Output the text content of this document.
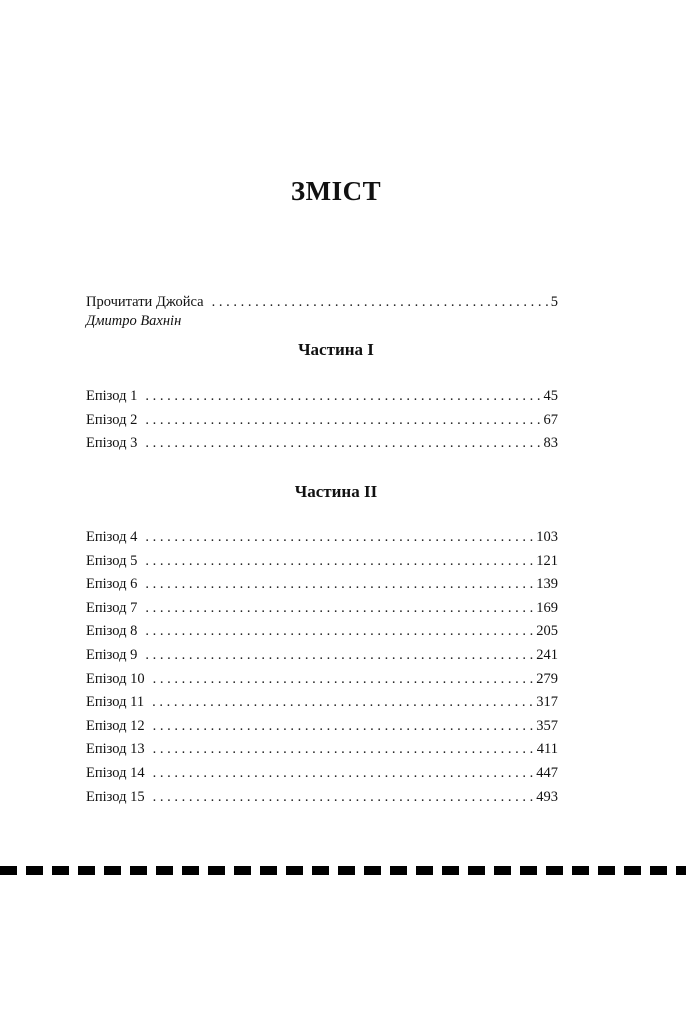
ЗМІСТ
Прочитати Джойса . . .	5
Дмитро Вахнін
Частина I
Епізод 1 . . .	45
Епізод 2 . . .	67
Епізод 3 . . .	83
Частина II
Епізод 4 . . .	103
Епізод 5 . . .	121
Епізод 6 . . .	139
Епізод 7 . . .	169
Епізод 8 . . .	205
Епізод 9 . . .	241
Епізод 10 . . .	279
Епізод 11 . . .	317
Епізод 12 . . .	357
Епізод 13 . . .	411
Епізод 14 . . .	447
Епізод 15 . . .	493
